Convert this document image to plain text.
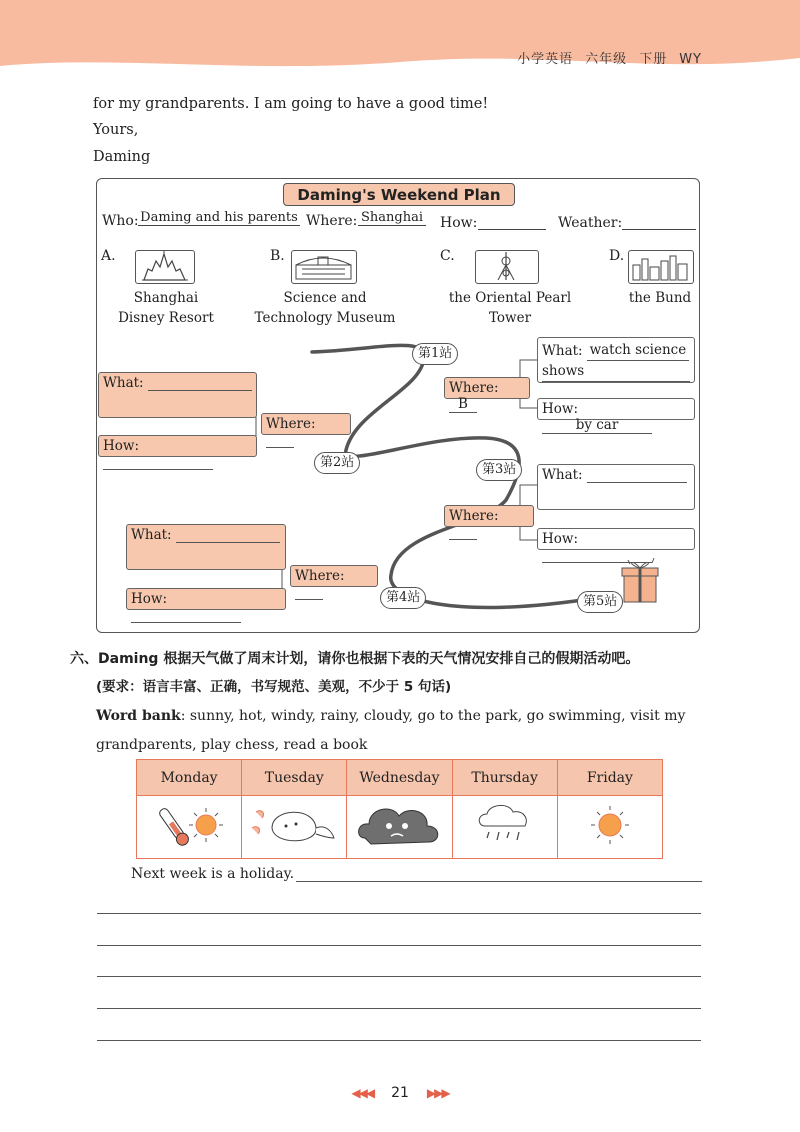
小学英语 六年级 下册 WY
for my grandparents. I am going to have a good time!
Yours,
Daming
Daming's Weekend Plan
Who: Daming and his parents Where: Shanghai How:	Weather:
A.
Shanghai
Disney Resort
B.
Science and
Technology Museum
C.
the Oriental Pearl Tower
D.
the Bund
第1站
第2站	第3站
第4站	第5站
What: watch science
shows
Where: B	How: by car
What:
Where:
How:
What:
Where:
How:
What:
Where:
How:
六、Daming 根据天气做了周末计划，请你也根据下表的天气情况安排自己的假期活动吧。
(要求：语言丰富、正确，书写规范、美观，不少于 5 句话)
Word bank: sunny, hot, windy, rainy, cloudy, go to the park, go swimming, visit my grandparents, play chess, read a book
Monday	Tuesday	Wednesday	Thursday	Friday

Next week is a holiday.
◀◀◀ 21 ▶▶▶
